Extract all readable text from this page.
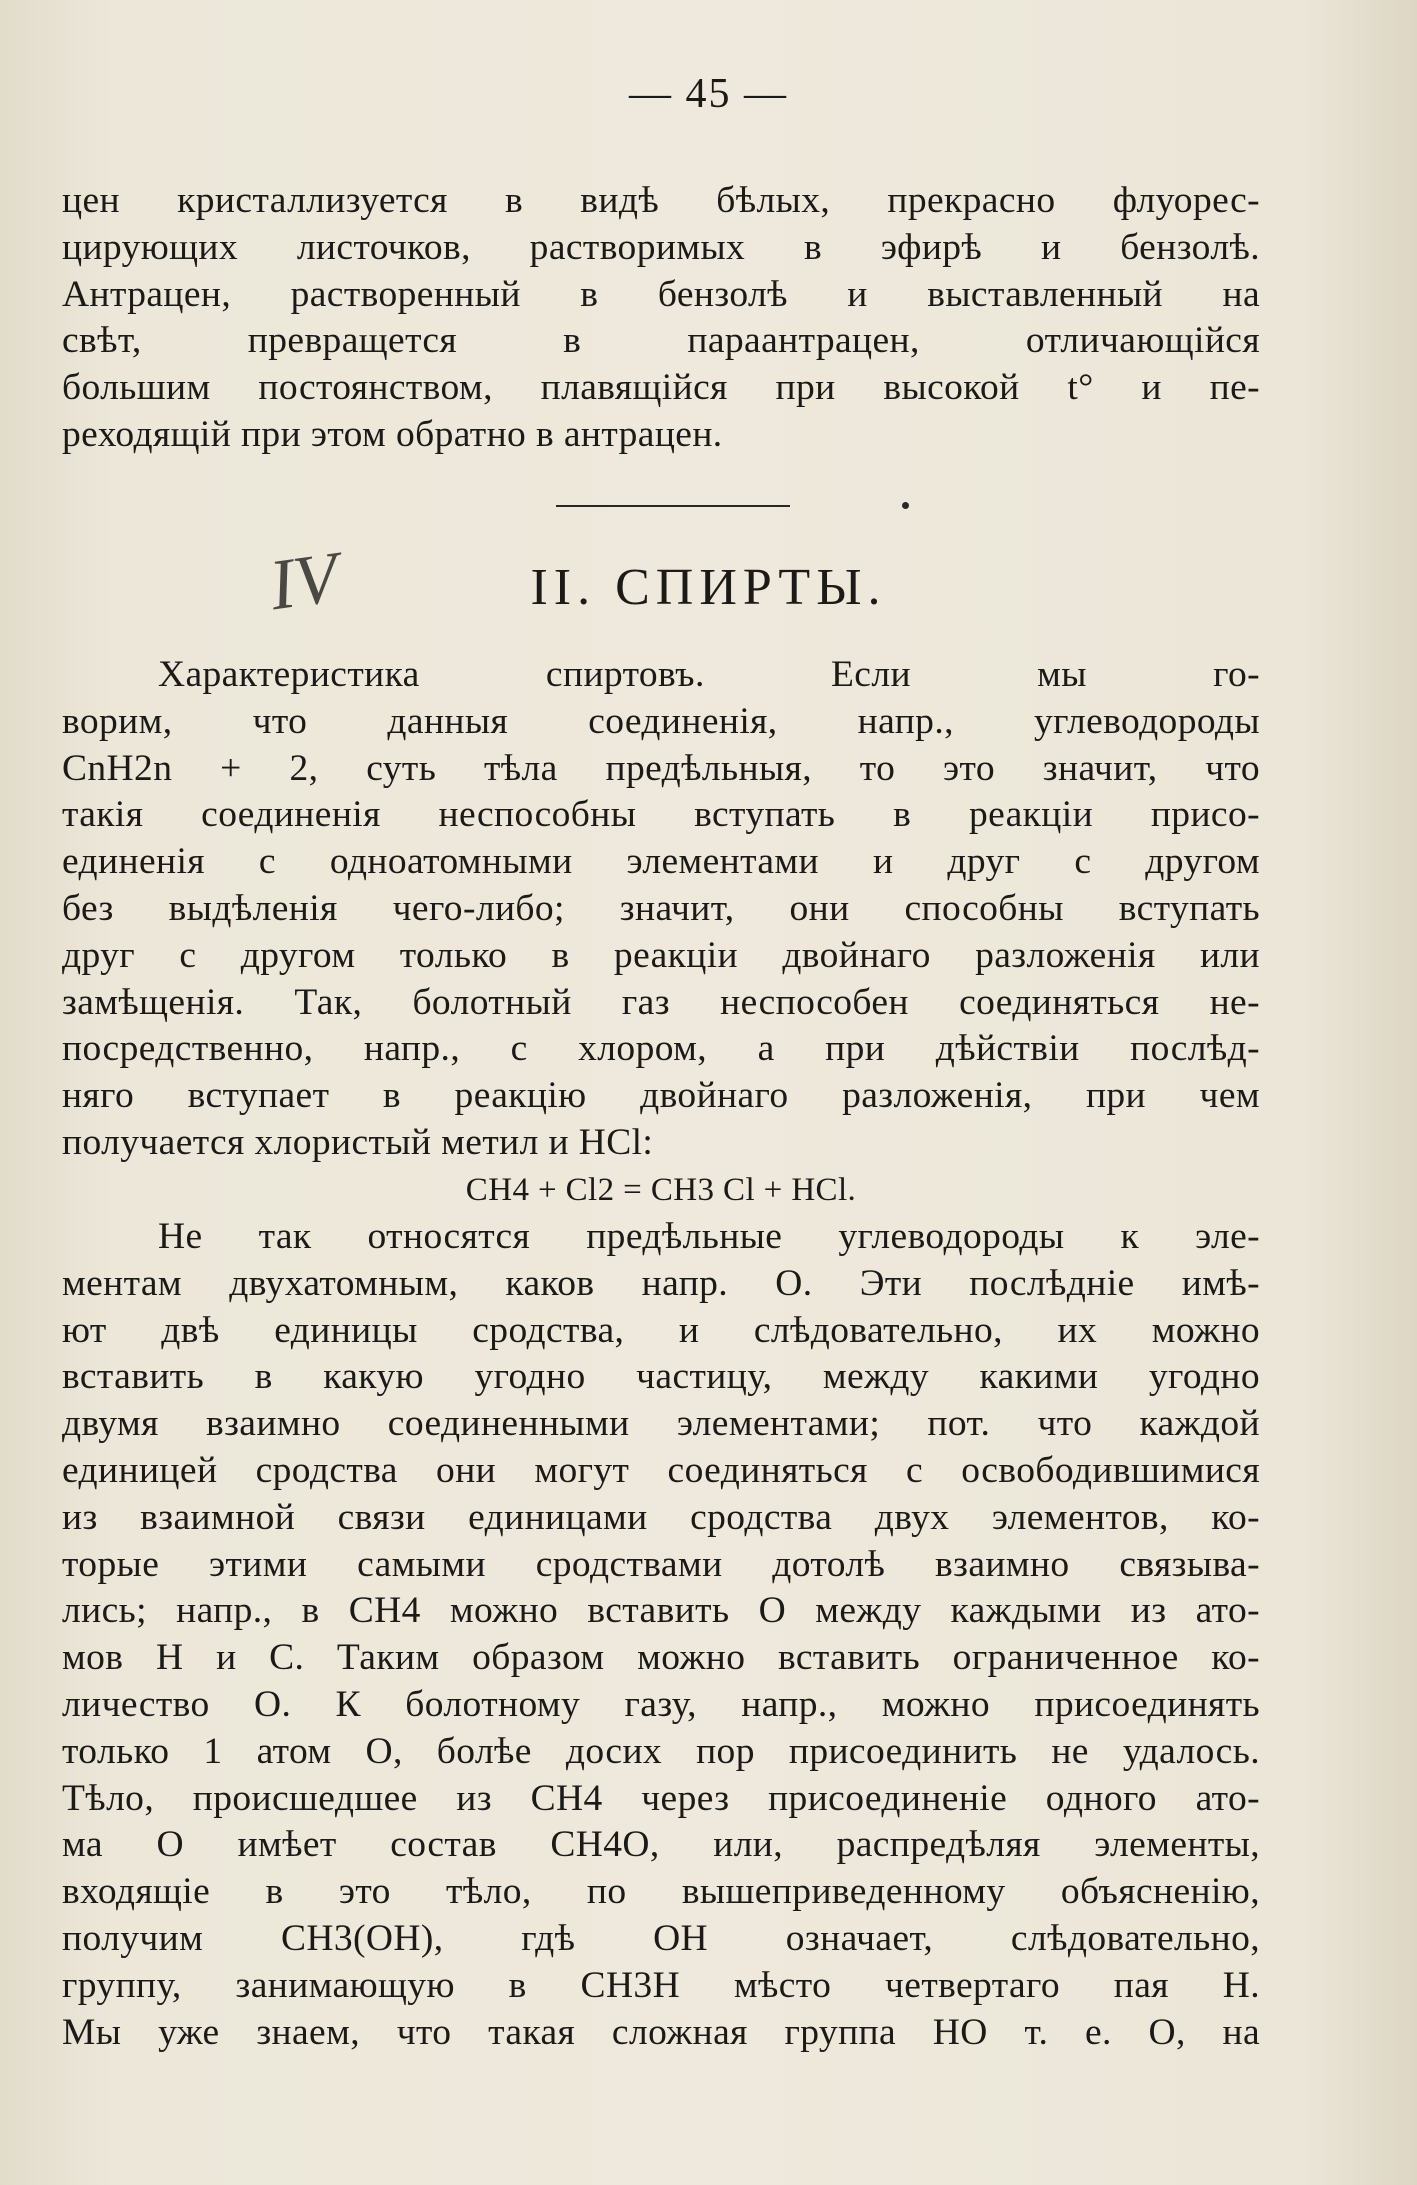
— 45 —
цен кристаллизуется в видѣ бѣлых, прекрасно флуорес-
цирующих листочков, растворимых в эфирѣ и бензолѣ.
Антрацен, растворенный в бензолѣ и выставленный на
свѣт, превращется в параантрацен, отличающійся
большим постоянством, плавящійся при высокой t° и пе-
реходящій при этом обратно в антрацен.
IV	II. СПИРТЫ.
Характеристика спиртовъ. Если мы го-
ворим, что данныя соединенія, напр., углеводороды
CnH2n + 2, суть тѣла предѣльныя, то это значит, что
такія соединенія неспособны вступать в реакціи присо-
единенія с одноатомными элементами и друг с другом
без выдѣленія чего-либо; значит, они способны вступать
друг с другом только в реакціи двойнаго разложенія или
замѣщенія. Так, болотный газ неспособен соединяться не-
посредственно, напр., с хлором, а при дѣйствіи послѣд-
няго вступает в реакцію двойнаго разложенія, при чем
получается хлористый метил и HCl:
CH4 + Cl2 = CH3 Cl + HCl.
Не так относятся предѣльные углеводороды к эле-
ментам двухатомным, каков напр. O. Эти послѣдніе имѣ-
ют двѣ единицы сродства, и слѣдовательно, их можно
вставить в какую угодно частицу, между какими угодно
двумя взаимно соединенными элементами; пот. что каждой
единицей сродства они могут соединяться с освободившимися
из взаимной связи единицами сродства двух элементов, ко-
торые этими самыми сродствами дотолѣ взаимно связыва-
лись; напр., в CH4 можно вставить O между каждыми из ато-
мов H и C. Таким образом можно вставить ограниченное ко-
личество O. К болотному газу, напр., можно присоединять
только 1 атом O, болѣе досих пор присоединить не удалось.
Тѣло, происшедшее из CH4 через присоединеніе одного ато-
ма O имѣет состав CH4O, или, распредѣляя элементы,
входящіе в это тѣло, по вышеприведенному объясненію,
получим CH3(OH), гдѣ OH означает, слѣдовательно,
группу, занимающую в CH3H мѣсто четвертаго пая H.
Мы уже знаем, что такая сложная группа HO т. е. O, на
